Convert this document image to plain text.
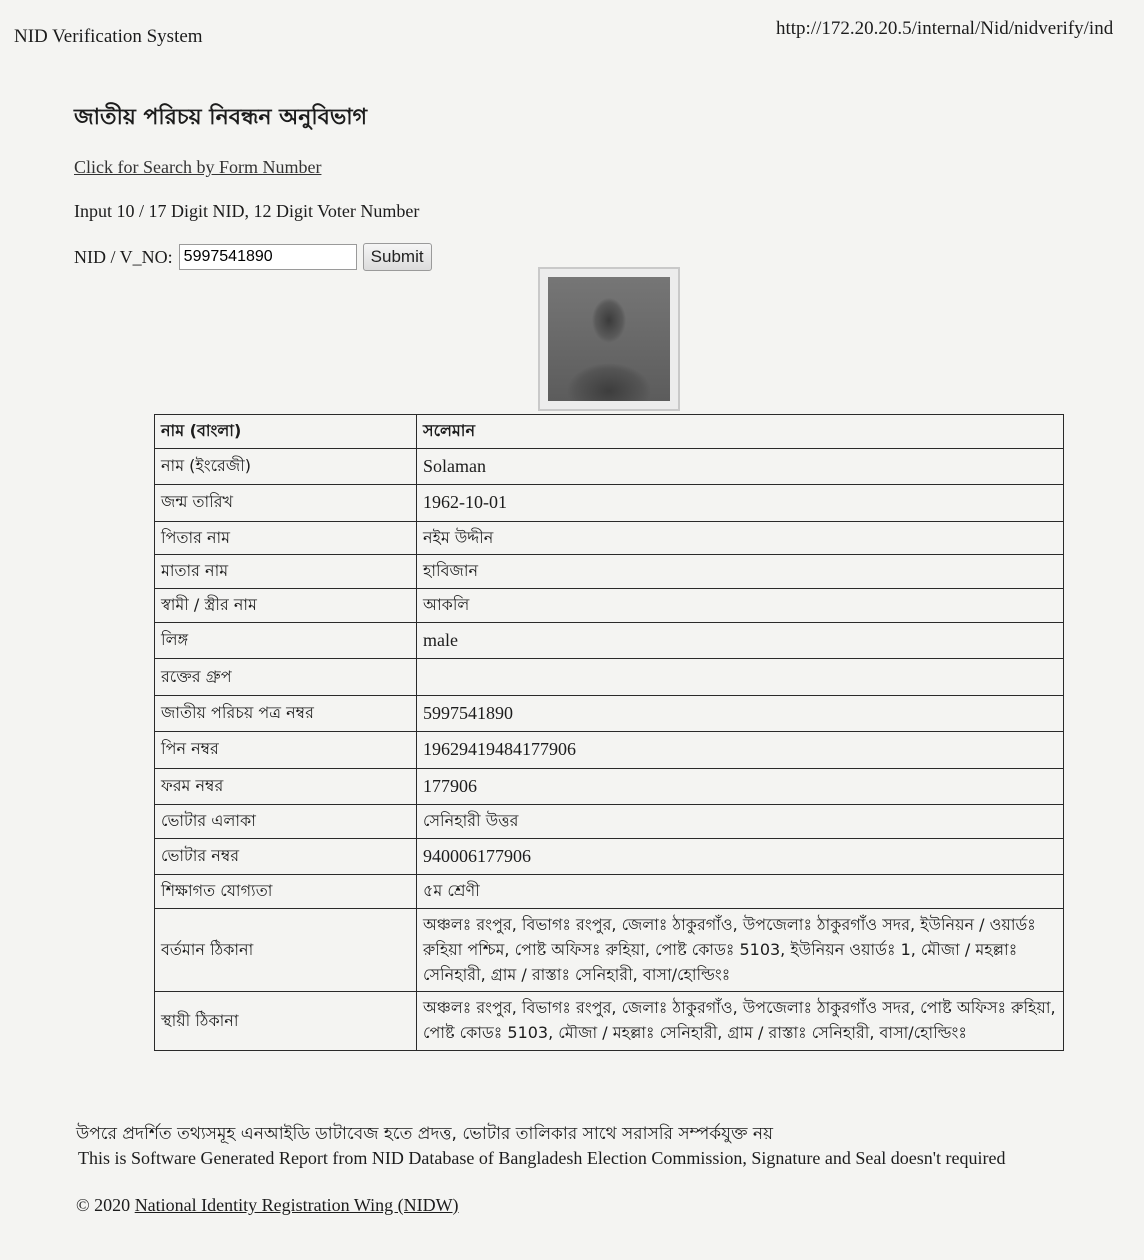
NID Verification System	http://172.20.20.5/internal/Nid/nidverify/ind
জাতীয় পরিচয় নিবন্ধন অনুবিভাগ
Click for Search by Form Number
Input 10 / 17 Digit NID, 12 Digit Voter Number
NID / V_NO:
5997541890	Submit
নাম (বাংলা)	সলেমান
নাম (ইংরেজী)	Solaman
জন্ম তারিখ	1962-10-01
পিতার নাম	নইম উদ্দীন
মাতার নাম	হাবিজান
স্বামী / স্ত্রীর নাম	আকলি
লিঙ্গ	male
রক্তের গ্রুপ	
জাতীয় পরিচয় পত্র নম্বর	5997541890
পিন নম্বর	19629419484177906
ফরম নম্বর	177906
ভোটার এলাকা	সেনিহারী উত্তর
ভোটার নম্বর	940006177906
শিক্ষাগত যোগ্যতা	৫ম শ্রেণী
বর্তমান ঠিকানা	অঞ্চলঃ রংপুর, বিভাগঃ রংপুর, জেলাঃ ঠাকুরগাঁও, উপজেলাঃ ঠাকুরগাঁও সদর, ইউনিয়ন / ওয়ার্ডঃ রুহিয়া পশ্চিম, পোষ্ট অফিসঃ রুহিয়া, পোষ্ট কোডঃ 5103, ইউনিয়ন ওয়ার্ডঃ 1, মৌজা / মহল্লাঃ সেনিহারী, গ্রাম / রাস্তাঃ সেনিহারী, বাসা/হোল্ডিংঃ
স্থায়ী ঠিকানা	অঞ্চলঃ রংপুর, বিভাগঃ রংপুর, জেলাঃ ঠাকুরগাঁও, উপজেলাঃ ঠাকুরগাঁও সদর, পোষ্ট অফিসঃ রুহিয়া, পোষ্ট কোডঃ 5103, মৌজা / মহল্লাঃ সেনিহারী, গ্রাম / রাস্তাঃ সেনিহারী, বাসা/হোল্ডিংঃ
উপরে প্রদর্শিত তথ্যসমূহ এনআইডি ডাটাবেজ হতে প্রদত্ত, ভোটার তালিকার সাথে সরাসরি সম্পর্কযুক্ত নয়
This is Software Generated Report from NID Database of Bangladesh Election Commission, Signature and Seal doesn't required
© 2020 National Identity Registration Wing (NIDW)
